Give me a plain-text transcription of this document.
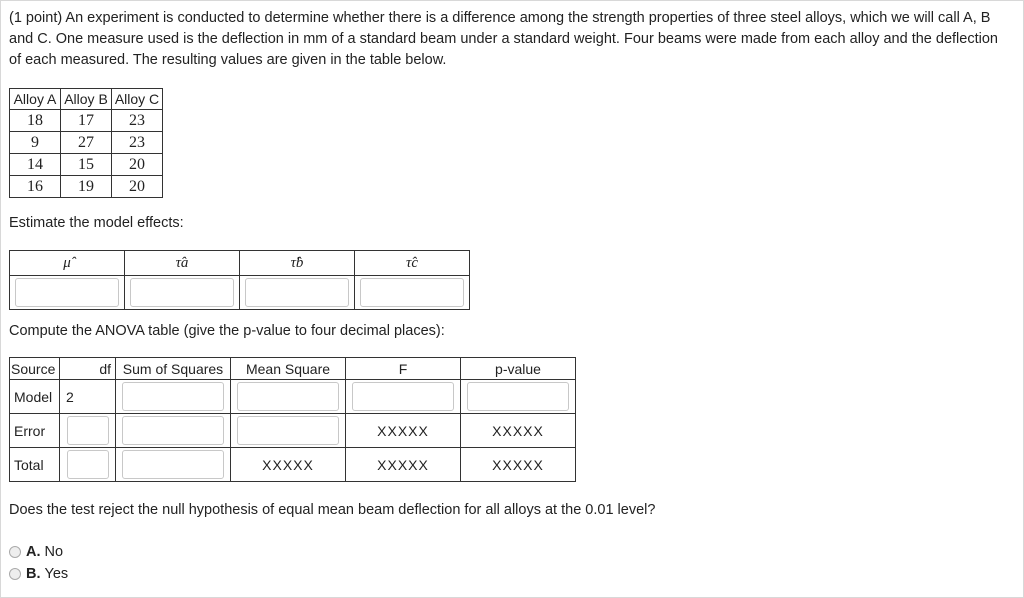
(1 point) An experiment is conducted to determine whether there is a difference among the strength properties of three steel alloys, which we will call A, B and C. One measure used is the deflection in mm of a standard beam under a standard weight. Four beams were made from each alloy and the deflection of each measured. The resulting values are given in the table below.

Alloy A	Alloy B	Alloy C
18	17	23
9	27	23
14	15	20
16	19	20

Estimate the model effects:

μ̂	τ̂a	τ̂b	τ̂c

Compute the ANOVA table (give the p-value to four decimal places):

Source	df	Sum of Squares	Mean Square	F	p-value
Model	2	

Error				XXXXX	XXXXX
Total			XXXXX	XXXXX	XXXXX

Does the test reject the null hypothesis of equal mean beam deflection for all alloys at the 0.01 level?

A. No
B. Yes
